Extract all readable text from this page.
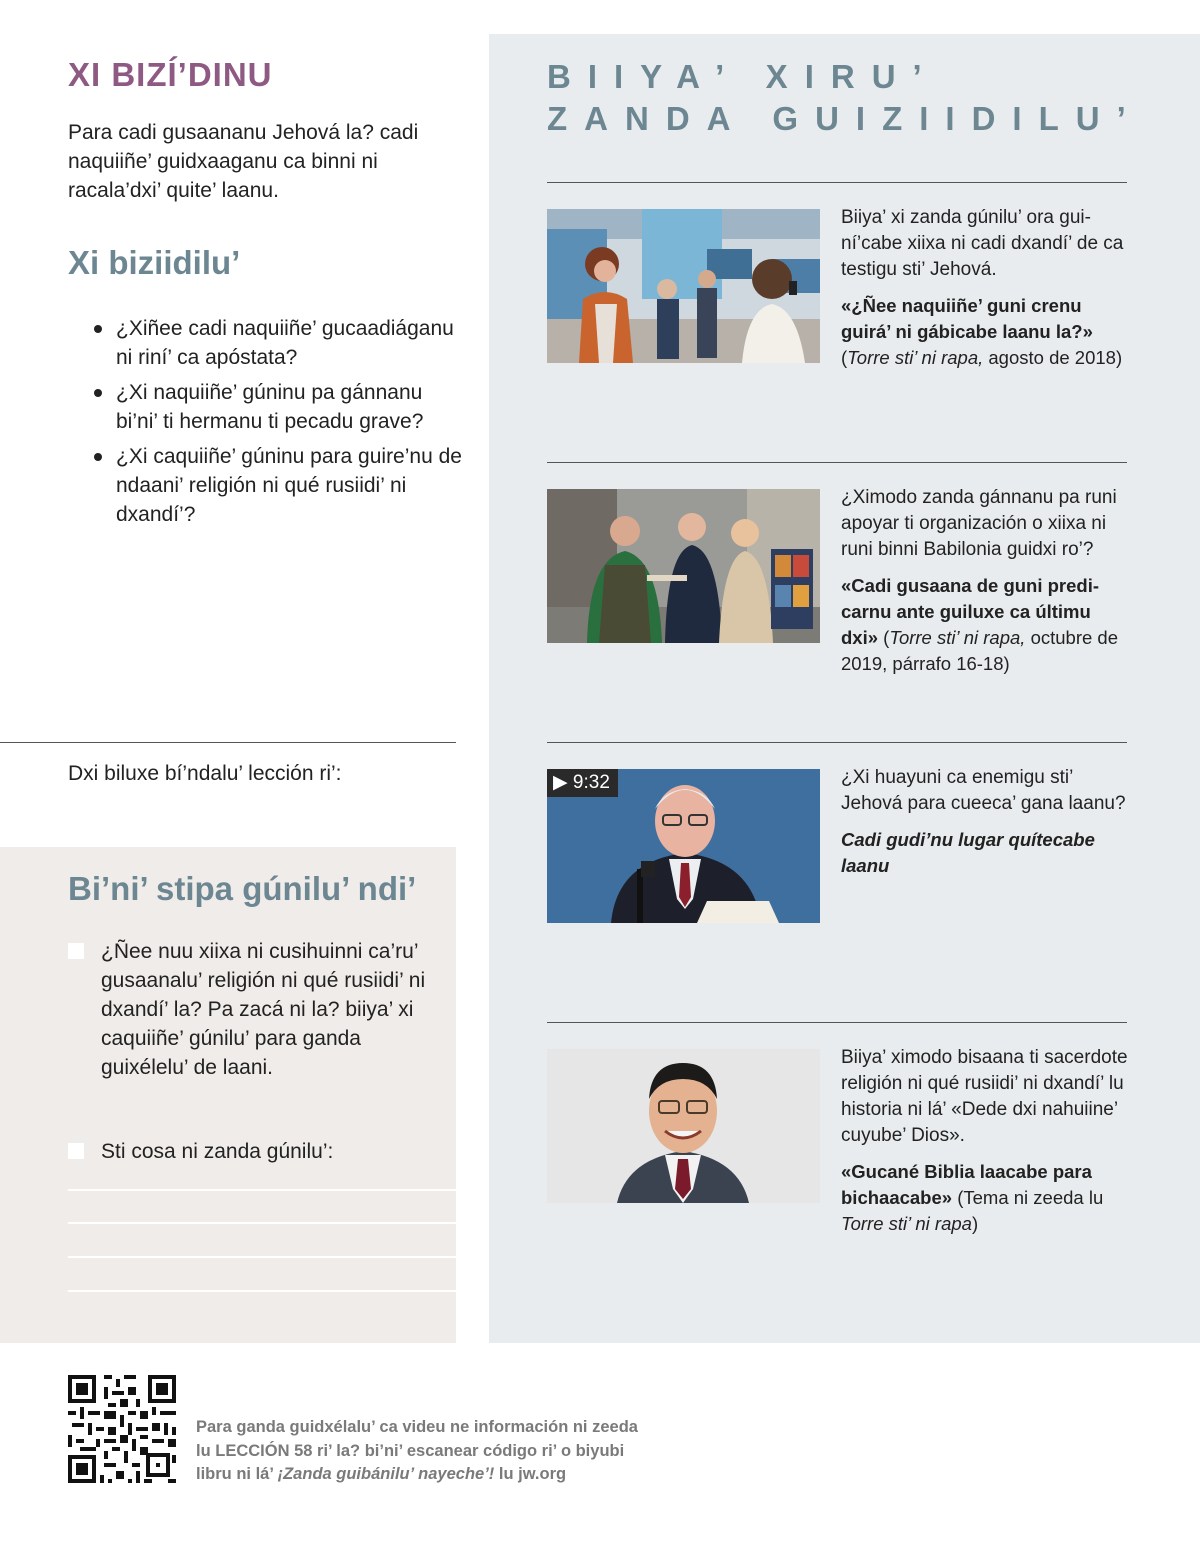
XI BIZÍ’DINU

Para cadi gusaananu Jehová la? cadi naquiiñe’ guidxaaganu ca binni ni racala’dxi’ quite’ laanu.

Xi biziidilu’
¿Xiñee cadi naquiiñe’ gucaadiáganu ni riní’ ca apóstata?
¿Xi naquiiñe’ gúninu pa gánnanu bi’ni’ ti hermanu ti pecadu grave?
¿Xi caquiiñe’ gúninu para guire’nu de ndaani’ religión ni qué rusiidi’ ni dxandí’?

Dxi biluxe bí’ndalu’ lección ri’:

Bi’ni’ stipa gúnilu’ ndi’

¿Ñee nuu xiixa ni cusihuinni ca’ru’ gusaanalu’ religión ni qué rusiidi’ ni dxandí’ la? Pa zacá ni la? biiya’ xi caquiiñe’ gúnilu’ para ganda guixélelu’ de laani.

Sti cosa ni zanda gúnilu’:

BIIYA’ XIRU’ ZANDA GUIZIIDILU’

Biiya’ xi zanda gúnilu’ ora guiní’cabe xiixa ni cadi dxandí’ de ca testigu sti’ Jehová.

«¿Ñee naquiiñe’ guni crenu guirá’ ni gábicabe laanu la?»
(Torre sti’ ni rapa, agosto de 2018)

¿Ximodo zanda gánnanu pa runi apoyar ti organización o xiixa ni runi binni Babilonia guidxi ro’?

«Cadi gusaana de guni predicarnu ante guiluxe ca últimu dxi» (Torre sti’ ni rapa, octubre de 2019, párrafo 16-18)

▶ 9:32	¿Xi huayuni ca enemigu sti’ Jehová para cueeca’ gana laanu?

Cadi gudi’nu lugar quítecabe laanu

Biiya’ ximodo bisaana ti sacerdote religión ni qué rusiidi’ ni dxandí’ lu historia ni lá’ «Dede dxi nahuiine’ cuyube’ Dios».

«Gucané Biblia laacabe para bichaacabe» (Tema ni zeeda lu Torre sti’ ni rapa)

Para ganda guidxélalu’ ca videu ne información ni zeeda
lu LECCIÓN 58 ri’ la? bi’ni’ escanear código ri’ o biyubi
libru ni lá’ ¡Zanda guibánilu’ nayeche’! lu jw.org
